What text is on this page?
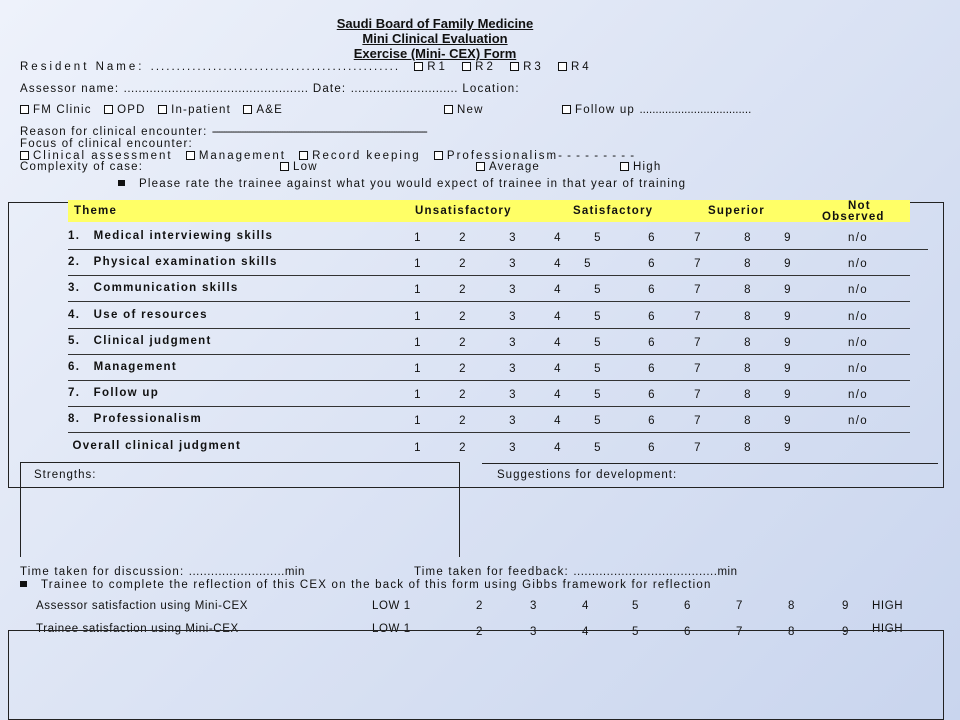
Saudi Board of Family Medicine
Mini Clinical Evaluation
Exercise (Mini- CEX) Form
Resident Name: ................................................ R1 R2 R3 R4
Assessor name: .................................................. Date: ............................. Location:
FM Clinic OPD In-patient A&E	New	Follow up ...................................
Reason for clinical encounter: --------------------------------------------------------------------------------------------
Focus of clinical encounter:
Clinical assessment Management Record keeping Professionalism- - - - - - - - -
Complexity of case:	Low	Average	High
Please rate the trainee against what you would expect of trainee in that year of training
Theme	Unsatisfactory	Satisfactory	Superior	Not
Observed
1.   Medical interviewing skills	1	2	3	4	5	6	7	8	9	n/o
2.   Physical examination skills	1	2	3	4	5	6	7	8	9	n/o
3.   Communication skills	1	2	3	4	5	6	7	8	9	n/o
4.   Use of resources	1	2	3	4	5	6	7	8	9	n/o
5.   Clinical judgment	1	2	3	4	5	6	7	8	9	n/o
6.   Management	1	2	3	4	5	6	7	8	9	n/o
7.   Follow up	1	2	3	4	5	6	7	8	9	n/o
8.   Professionalism	1	2	3	4	5	6	7	8	9	n/o
Overall clinical judgment	1	2	3	4	5	6	7	8	9
Strengths:	Suggestions for development:
Time taken for discussion: ..........................min	Time taken for feedback: .......................................min
Trainee to complete the reflection of this CEX on the back of this form using Gibbs framework for reflection
Assessor satisfaction using Mini-CEX	LOW 1	2	3	4	5	6	7	8	9 HIGH
Trainee satisfaction using Mini-CEX	LOW 1	2	3	4	5	6	7	8	9 HIGH
